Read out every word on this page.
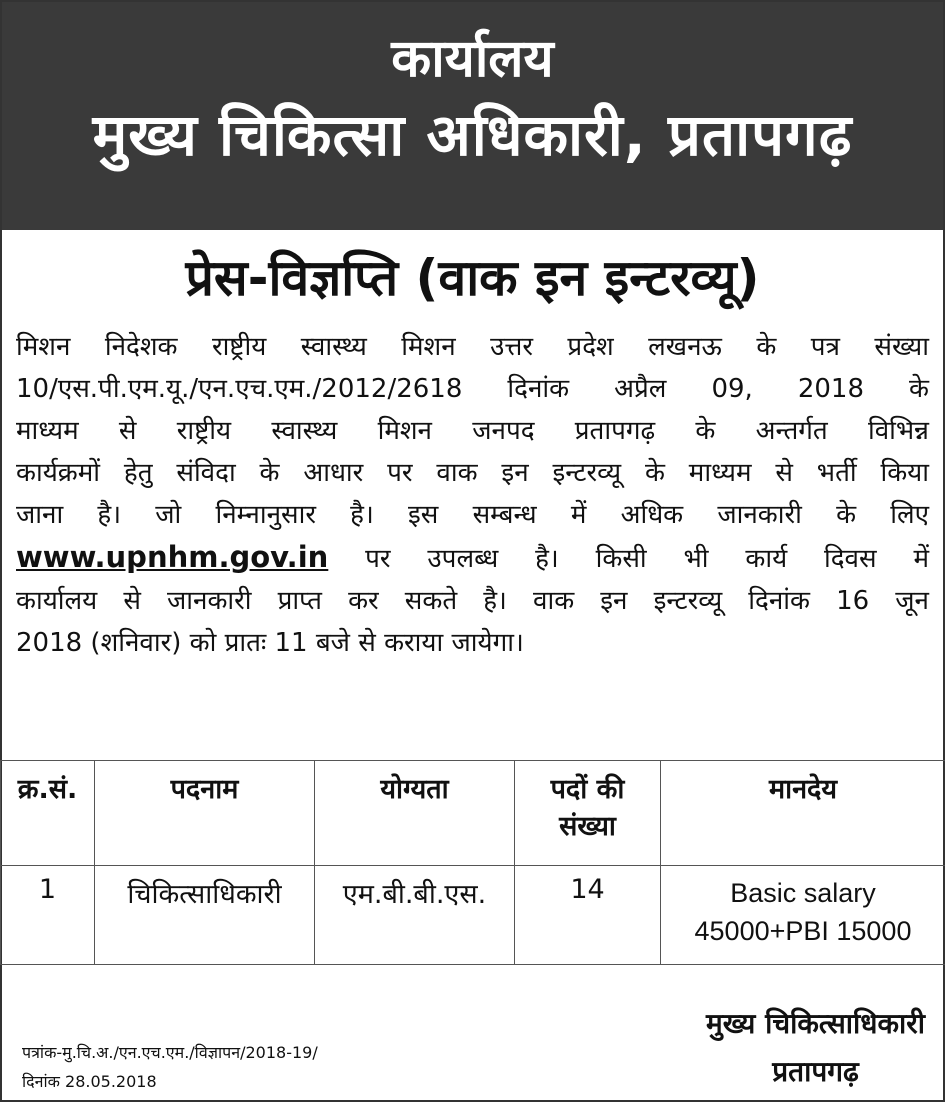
कार्यालय
मुख्य चिकित्सा अधिकारी, प्रतापगढ़
प्रेस-विज्ञप्ति (वाक इन इन्टरव्यू)
मिशन निदेशक राष्ट्रीय स्वास्थ्य मिशन उत्तर प्रदेश लखनऊ के पत्र संख्या
10/एस.पी.एम.यू./एन.एच.एम./2012/2618 दिनांक अप्रैल 09, 2018 के
माध्यम से राष्ट्रीय स्वास्थ्य मिशन जनपद प्रतापगढ़ के अन्तर्गत विभिन्न
कार्यक्रमों हेतु संविदा के आधार पर वाक इन इन्टरव्यू के माध्यम से भर्ती किया
जाना है। जो निम्नानुसार है। इस सम्बन्ध में अधिक जानकारी के लिए
www.upnhm.gov.in पर उपलब्ध है। किसी भी कार्य दिवस में
कार्यालय से जानकारी प्राप्त कर सकते है। वाक इन इन्टरव्यू दिनांक 16 जून
2018 (शनिवार) को प्रातः 11 बजे से कराया जायेगा।
क्र.सं.	पदनाम	योग्यता	पदों की संख्या	मानदेय
1	चिकित्साधिकारी	एम.बी.बी.एस.	14	Basic salary
45000+PBI 15000
मुख्य चिकित्साधिकारी
प्रतापगढ़
पत्रांक-मु.चि.अ./एन.एच.एम./विज्ञापन/2018-19/
दिनांक 28.05.2018
